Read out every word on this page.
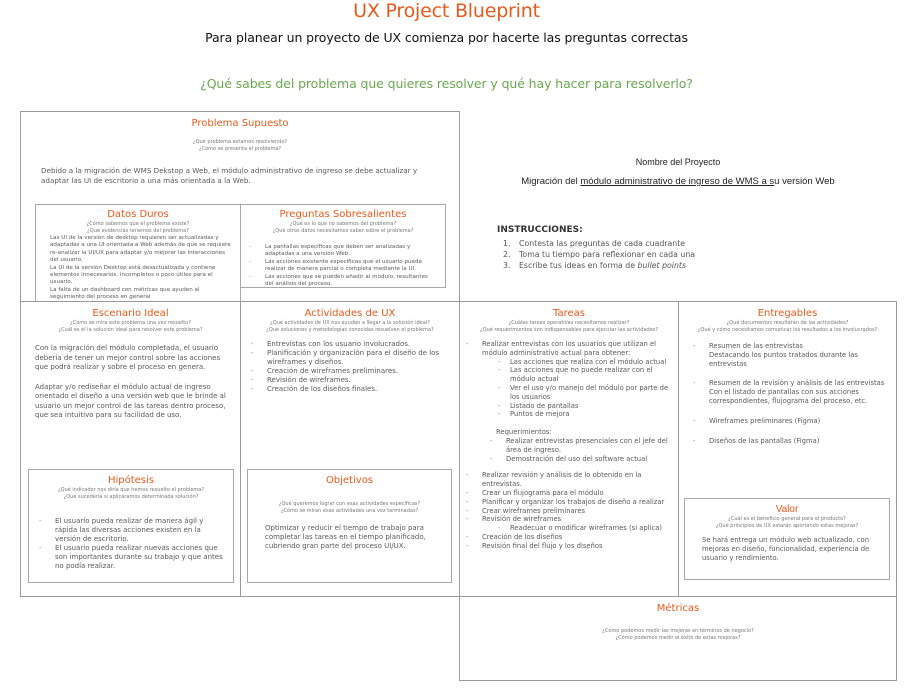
UX Project Blueprint
Para planear un proyecto de UX comienza por hacerte las preguntas correctas
¿Qué sabes del problema que quieres resolver y qué hay hacer para resolverlo?
Problema Supuesto
¿Qué problema estamos resolviendo?
¿Cómo se presenta el problema?
Debido a la migración de WMS Dekstop a Web, el módulo administrativo de ingreso se debe actualizar y adaptar las UI de escritorio a una más orientada a la Web.
Datos Duros
¿Cómo sabemos que el problema existe?
¿Qué evidencias tenemos del problema?
- Las UI de la versión de desktop requieren ser actualizadas y adaptadas a una UI orientada a Web además de que se requiere re-analizar la UI/UX para adaptar y/o mejorar las interacciones del usuario.
- La UI de la versión Desktop está desactualizada y contiene elementos innecesarios, incompletos o poco útiles para el usuario.
- La falta de un dashboard con métricas que ayuden al seguimiento del proceso en general
Preguntas Sobresalientes
¿Qué es lo que no sabemos del problema?
¿Qué otros datos necesitamos saber sobre el problema?
- La pantallas específicas que deben ser analizadas y adaptadas a una versión Web.
- Las acciones existente específicas que el usuario puede realizar de manera parcial o completa mediante la UI.
- Las acciones que se pueden añadir al modulo, resultantes del análisis del proceso.
Nombre del Proyecto
Migración del módulo administrativo de ingreso de WMS a su versión Web
INSTRUCCIONES:
1. Contesta las preguntas de cada cuadrante
2. Toma tu tiempo para reflexionar en cada una
3. Escribe tus ideas en forma de bullet points
Escenario Ideal
¿Cómo se mira este problema una vez resuelto?
¿Cuál es el la solución ideal para resolver este problema?
Con la migración del módulo completada, el usuario debería de tener un mejor control sobre las acciones que podrá realizar y sobre el proceso en genera.
Adaptar y/o rediseñar el módulo actual de ingreso orientado el diseño a una versión web que le brinde al usuario un mejor control de las tareas dentro proceso, que sea intuitivo para su facilidad de uso.
Actividades de UX
¿Qué actividades de UX nos ayudan a llegar a la solución ideal?
¿Qué soluciones y metodologías conocidas resuelven el problema?
- Entrevistas con los usuario involucrados.
- Planificación y organización para el diseño de los wireframes y diseños.
- Creación de wireframes preliminares.
- Revisión de wireframes.
- Creación de los diseños finales.
Hipótesis
¿Qué indicador nos diría que hemos resuelto el problema?
¿Qué sucedería si aplicáramos determinada solución?
- El usuario pueda realizar de manera ágil y rápida las diversas acciones existen en la versión de escritorio.
- El usuario pueda realizar nuevas acciones que son importantes durante su trabajo y que antes no podía realizar.
Objetivos
¿Qué queremos lograr con esas actividades específicas?
¿Cómo se miran esas actividades una vez terminadas?
Optimizar y reducir el tiempo de trabajo para completar las tareas en el tiempo planificado, cubriendo gran parte del proceso UI/UX.
Tareas
¿Cuáles tareas operativas necesitamos realizar?
¿Qué requerimientos son indispensables para ejecutar las actividades?
- Realizar entrevistas con los usuarios que utilizan el módulo administrativo actual para obtener:
- Las acciones que realiza con el módulo actual
- Las acciones que no puede realizar con el módulo actual
- Ver el uso y/o manejo del módulo por parte de los usuarios
- Listado de pantallas
- Puntos de mejora
Requerimientos:
- Realizar entrevistas presenciales con el jefe del área de ingreso.
- Demostración del uso del software actual
- Realizar revisión y análisis de lo obtenido en la entrevistas.
- Crear un flujograma para el módulo
- Planificar y organizar los trabajos de diseño a realizar
- Crear wireframes preliminares
- Revisión de wireframes
- Readecuar o modificar wireframes (si aplica)
- Creación de los diseños
- Revisión final del flujo y los diseños
Entregables
¿Qué documentos resultarán de las actividades?
¿Qué y cómo necesitamos comunicar los resultados a los involucrados?
- Resumen de las entrevistas
Destacando los puntos tratados durante las entrevistas
- Resumen de la revisión y análisis de las entrevistas
Con el listado de pantallas con sus acciones correspondientes, flujograma del proceso, etc.
- Wireframes preliminares (Figma)
- Diseños de las pantallas (Figma)
Valor
¿Cuál es el beneficio general para el producto?
¿Qué principios de UX estarán aportando estas mejoras?
Se hará entrega un módulo web actualizado, con mejoras en diseño, funcionalidad, experiencia de usuario y rendimiento.
Métricas
¿Cómo podemos medir las mejoras en términos de negocio?
¿Cómo podemos medir el éxito de estas mejoras?
